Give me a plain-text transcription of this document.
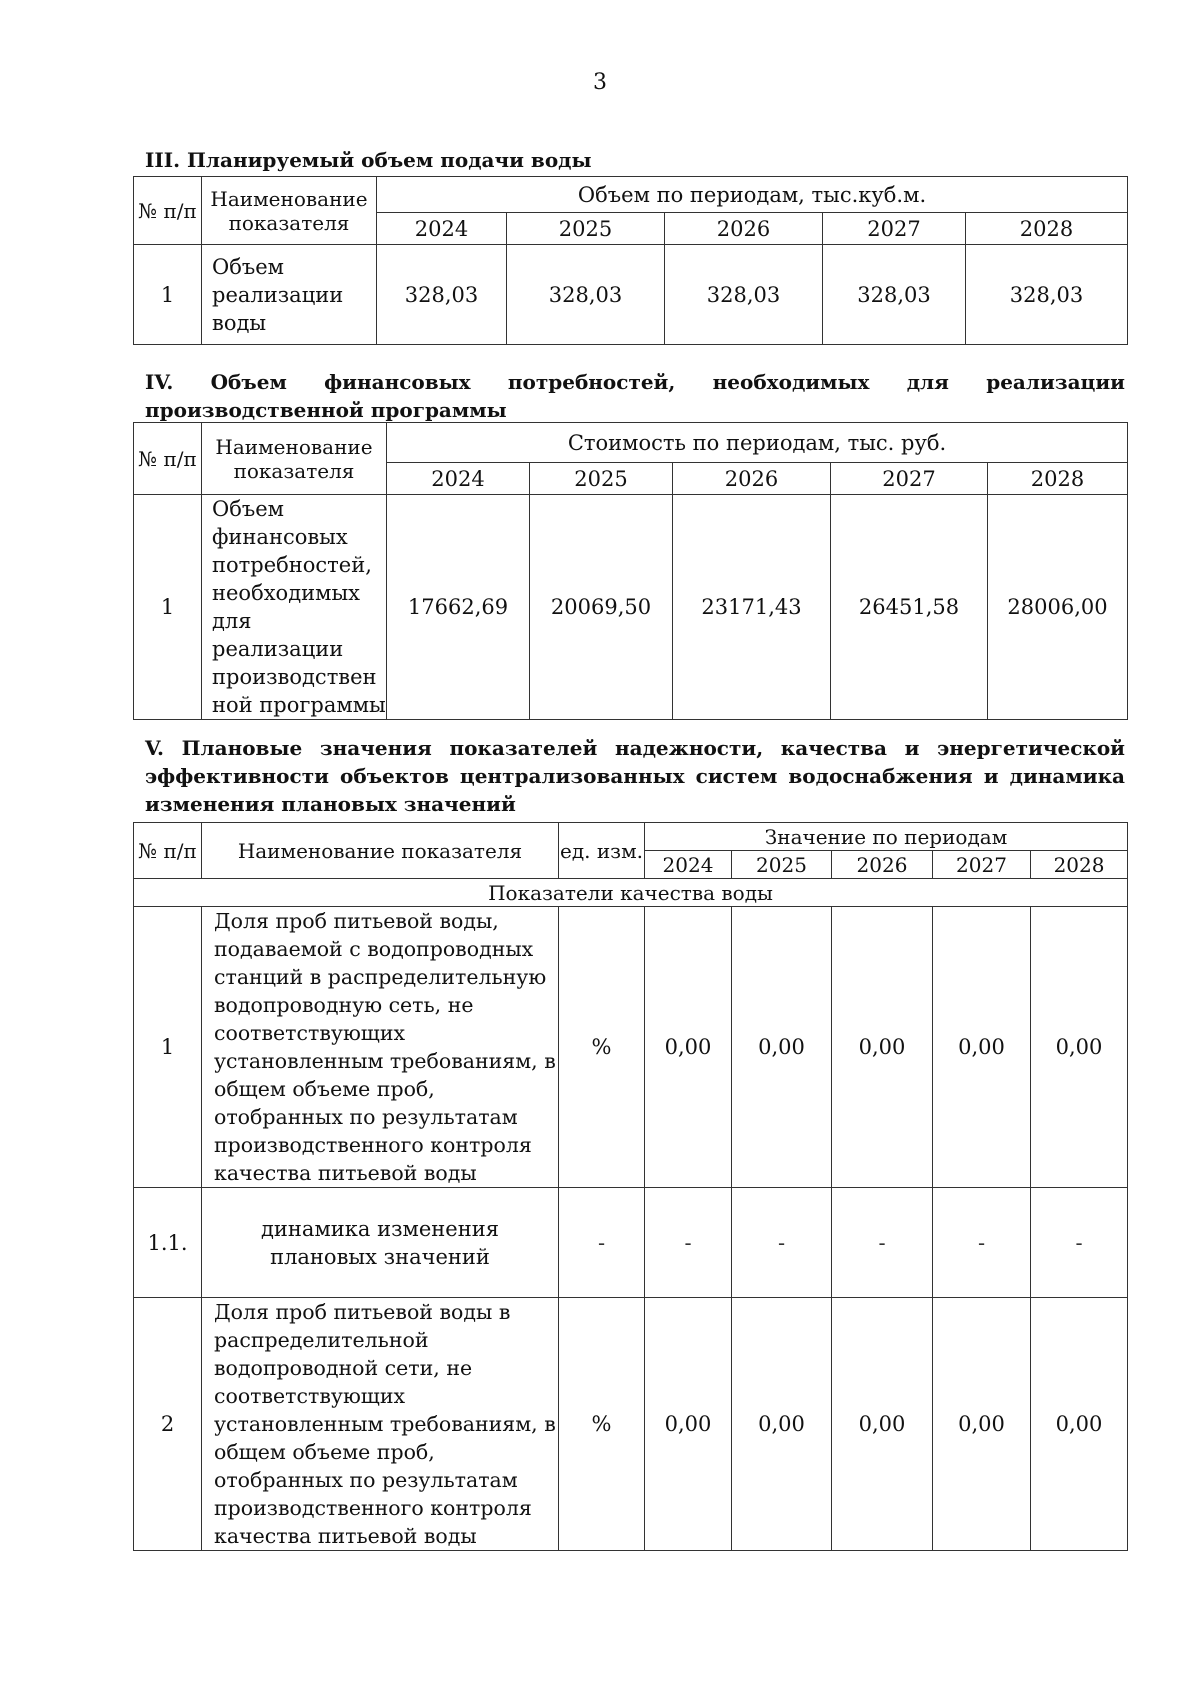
3
III. Планируемый объем подачи воды
№ п/п	Наименование показателя	Объем по периодам, тыс.куб.м.				
		2024	2025	2026	2027	2028
1	Объем реализации воды	328,03	328,03	328,03	328,03	328,03
IV. Объем финансовых потребностей, необходимых для реализации производственной программы
№ п/п	Наименование показателя	Стоимость по периодам, тыс. руб.				
		2024	2025	2026	2027	2028
1	Объем финансовых потребностей, необходимых для реализации производствен ной программы	17662,69	20069,50	23171,43	26451,58	28006,00
V. Плановые значения показателей надежности, качества и энергетической эффективности объектов централизованных систем водоснабжения и динамика изменения плановых значений
№ п/п	Наименование показателя	ед. изм.	Значение по периодам				
			2024	2025	2026	2027	2028
Показатели качества воды							
1	Доля проб питьевой воды, подаваемой с водопроводных станций в распределительную водопроводную сеть, не соответствующих установленным требованиям, в общем объеме проб, отобранных по результатам производственного контроля качества питьевой воды	%	0,00	0,00	0,00	0,00	0,00
1.1.	динамика изменения плановых значений	-	-	-	-	-	-
2	Доля проб питьевой воды в распределительной водопроводной сети, не соответствующих установленным требованиям, в общем объеме проб, отобранных по результатам производственного контроля качества питьевой воды	%	0,00	0,00	0,00	0,00	0,00
